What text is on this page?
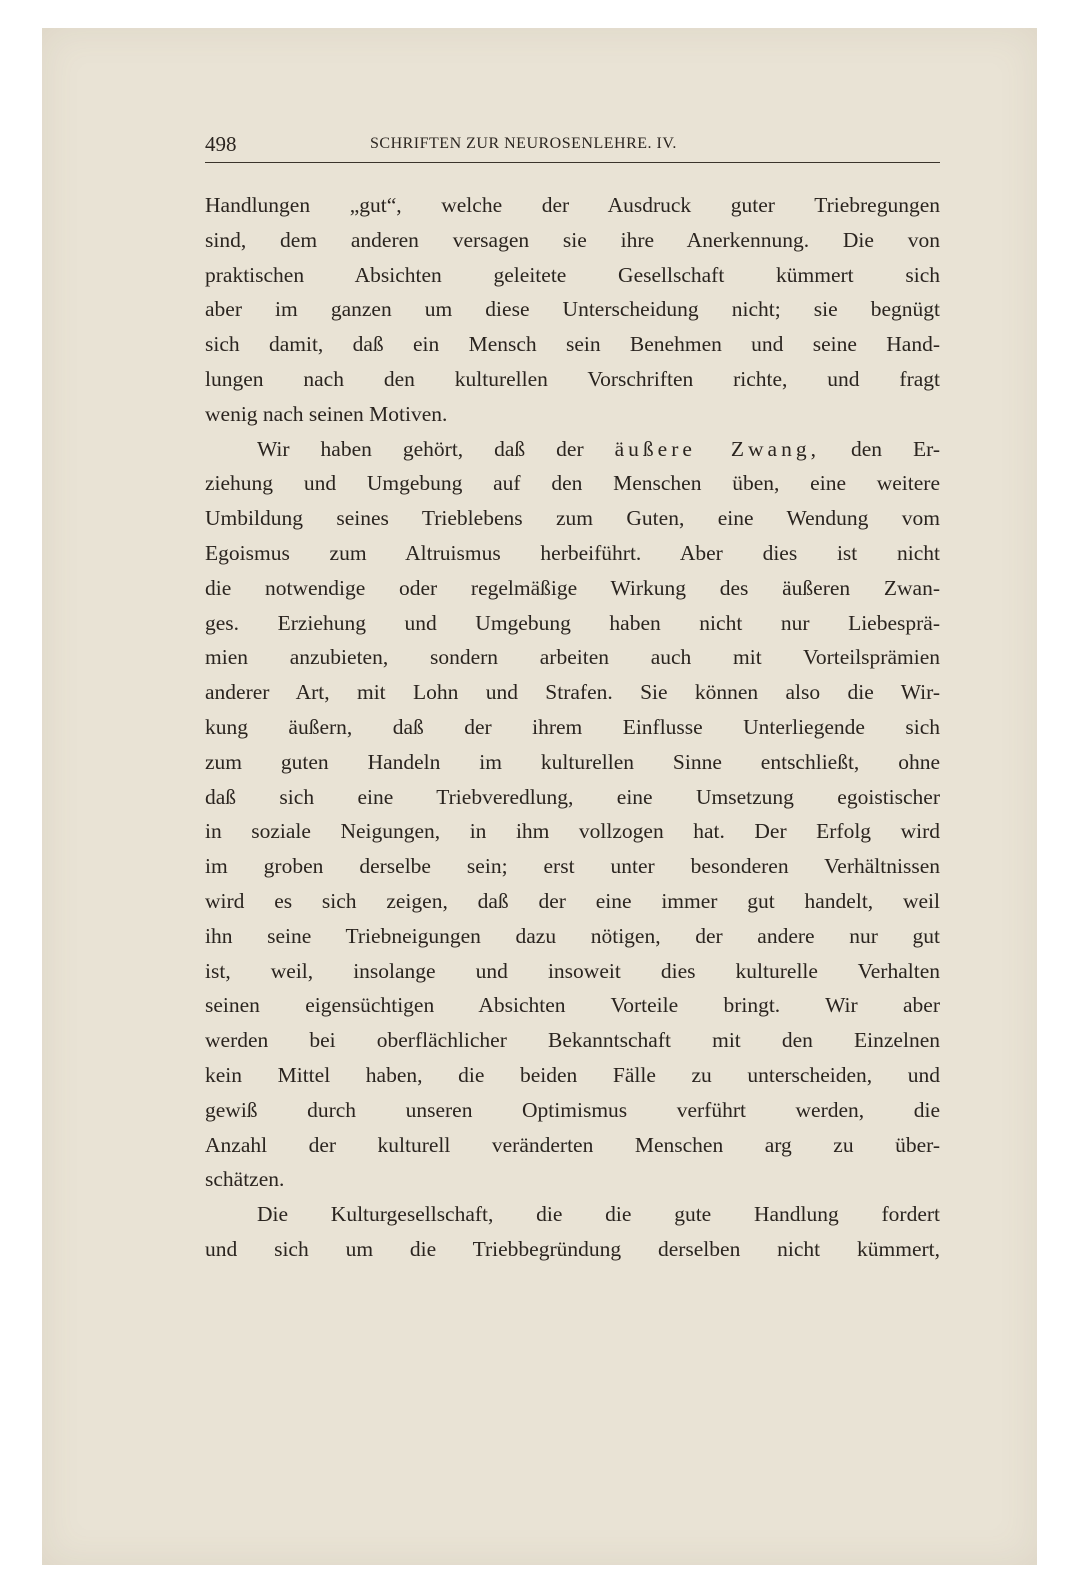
498	SCHRIFTEN ZUR NEUROSENLEHRE. IV.
Handlungen „gut“, welche der Ausdruck guter Triebregungen
sind, dem anderen versagen sie ihre Anerkennung. Die von
praktischen Absichten geleitete Gesellschaft kümmert sich
aber im ganzen um diese Unterscheidung nicht; sie begnügt
sich damit, daß ein Mensch sein Benehmen und seine Hand-
lungen nach den kulturellen Vorschriften richte, und fragt
wenig nach seinen Motiven.
Wir haben gehört, daß der äußere Zwang, den Er-
ziehung und Umgebung auf den Menschen üben, eine weitere
Umbildung seines Trieblebens zum Guten, eine Wendung vom
Egoismus zum Altruismus herbeiführt. Aber dies ist nicht
die notwendige oder regelmäßige Wirkung des äußeren Zwan-
ges. Erziehung und Umgebung haben nicht nur Liebesprä-
mien anzubieten, sondern arbeiten auch mit Vorteilsprämien
anderer Art, mit Lohn und Strafen. Sie können also die Wir-
kung äußern, daß der ihrem Einflusse Unterliegende sich
zum guten Handeln im kulturellen Sinne entschließt, ohne
daß sich eine Triebveredlung, eine Umsetzung egoistischer
in soziale Neigungen, in ihm vollzogen hat. Der Erfolg wird
im groben derselbe sein; erst unter besonderen Verhältnissen
wird es sich zeigen, daß der eine immer gut handelt, weil
ihn seine Triebneigungen dazu nötigen, der andere nur gut
ist, weil, insolange und insoweit dies kulturelle Verhalten
seinen eigensüchtigen Absichten Vorteile bringt. Wir aber
werden bei oberflächlicher Bekanntschaft mit den Einzelnen
kein Mittel haben, die beiden Fälle zu unterscheiden, und
gewiß durch unseren Optimismus verführt werden, die
Anzahl der kulturell veränderten Menschen arg zu über-
schätzen.
Die Kulturgesellschaft, die die gute Handlung fordert
und sich um die Triebbegründung derselben nicht kümmert,
